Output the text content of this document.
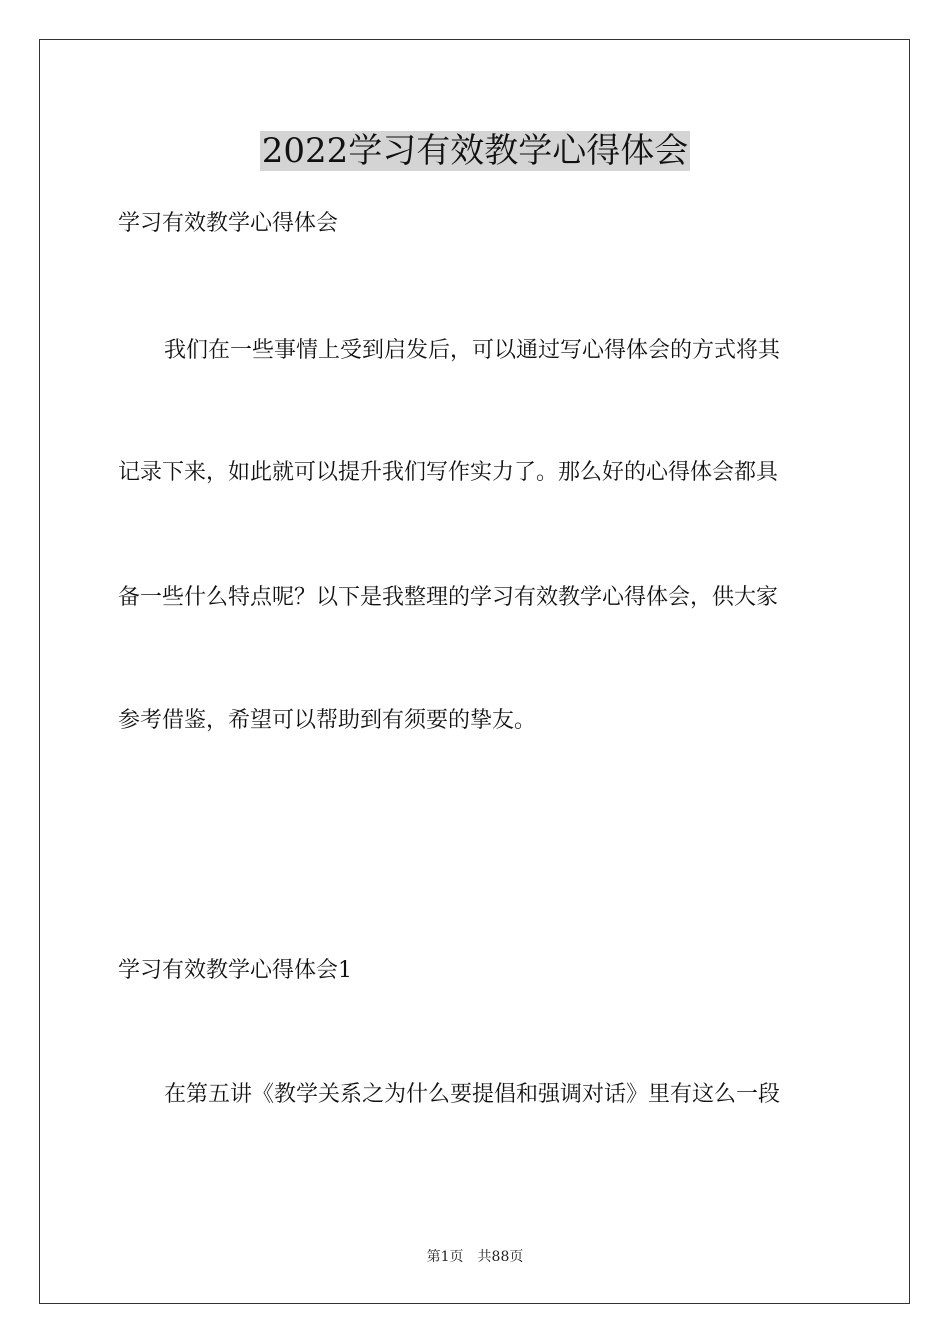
2022学习有效教学心得体会
学习有效教学心得体会
我们在一些事情上受到启发后，可以通过写心得体会的方式将其
记录下来，如此就可以提升我们写作实力了。那么好的心得体会都具
备一些什么特点呢？以下是我整理的学习有效教学心得体会，供大家
参考借鉴，希望可以帮助到有须要的挚友。
学习有效教学心得体会1
在第五讲《教学关系之为什么要提倡和强调对话》里有这么一段
第1页 共88页
